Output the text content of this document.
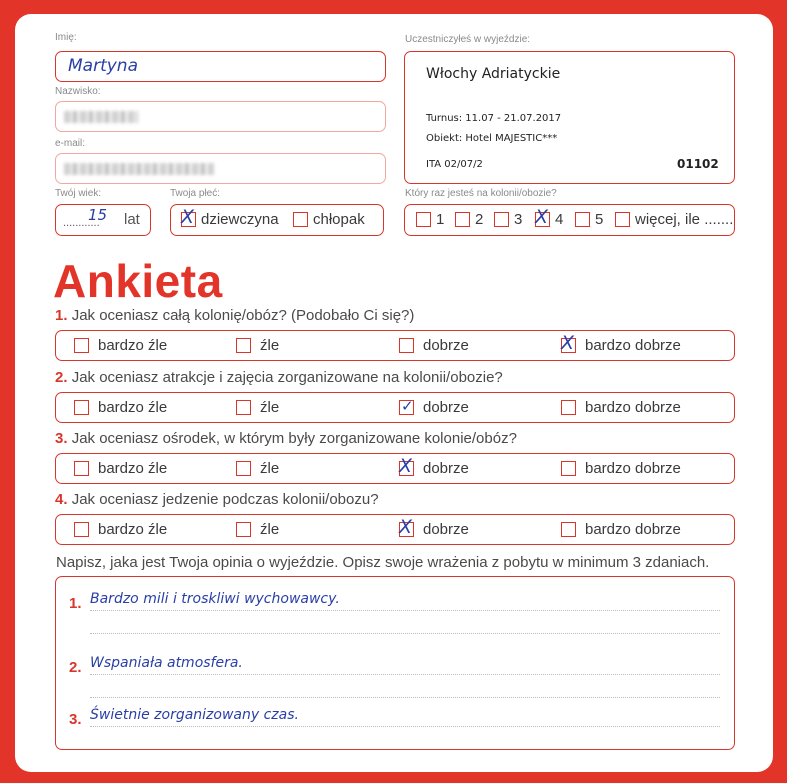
Imię:
Martyna
Nazwisko:
e-mail:
Twój wiek:
............
15 lat
Twoja płeć:
X dziewczyna chłopak
Uczestniczyłeś w wyjeździe:
Włochy Adriatyckie
Turnus: 11.07 - 21.07.2017
Obiekt: Hotel MAJESTIC***
ITA 02/07/2	01102
Który raz jesteś na kolonii/obozie?
1 2 3 X 4 5 więcej, ile .......
Ankieta
1. Jak oceniasz całą kolonię/obóz? (Podobało Ci się?)
bardzo źle	źle	dobrze	X bardzo dobrze
2. Jak oceniasz atrakcje i zajęcia zorganizowane na kolonii/obozie?
bardzo źle	źle	✓ dobrze	bardzo dobrze
3. Jak oceniasz ośrodek, w którym były zorganizowane kolonie/obóz?
bardzo źle	źle	X dobrze	bardzo dobrze
4. Jak oceniasz jedzenie podczas kolonii/obozu?
bardzo źle	źle	X dobrze	bardzo dobrze
Napisz, jaka jest Twoja opinia o wyjeździe. Opisz swoje wrażenia z pobytu w minimum 3 zdaniach.
1. Bardzo mili i troskliwi wychowawcy.
2. Wspaniała atmosfera.
3. Świetnie zorganizowany czas.
